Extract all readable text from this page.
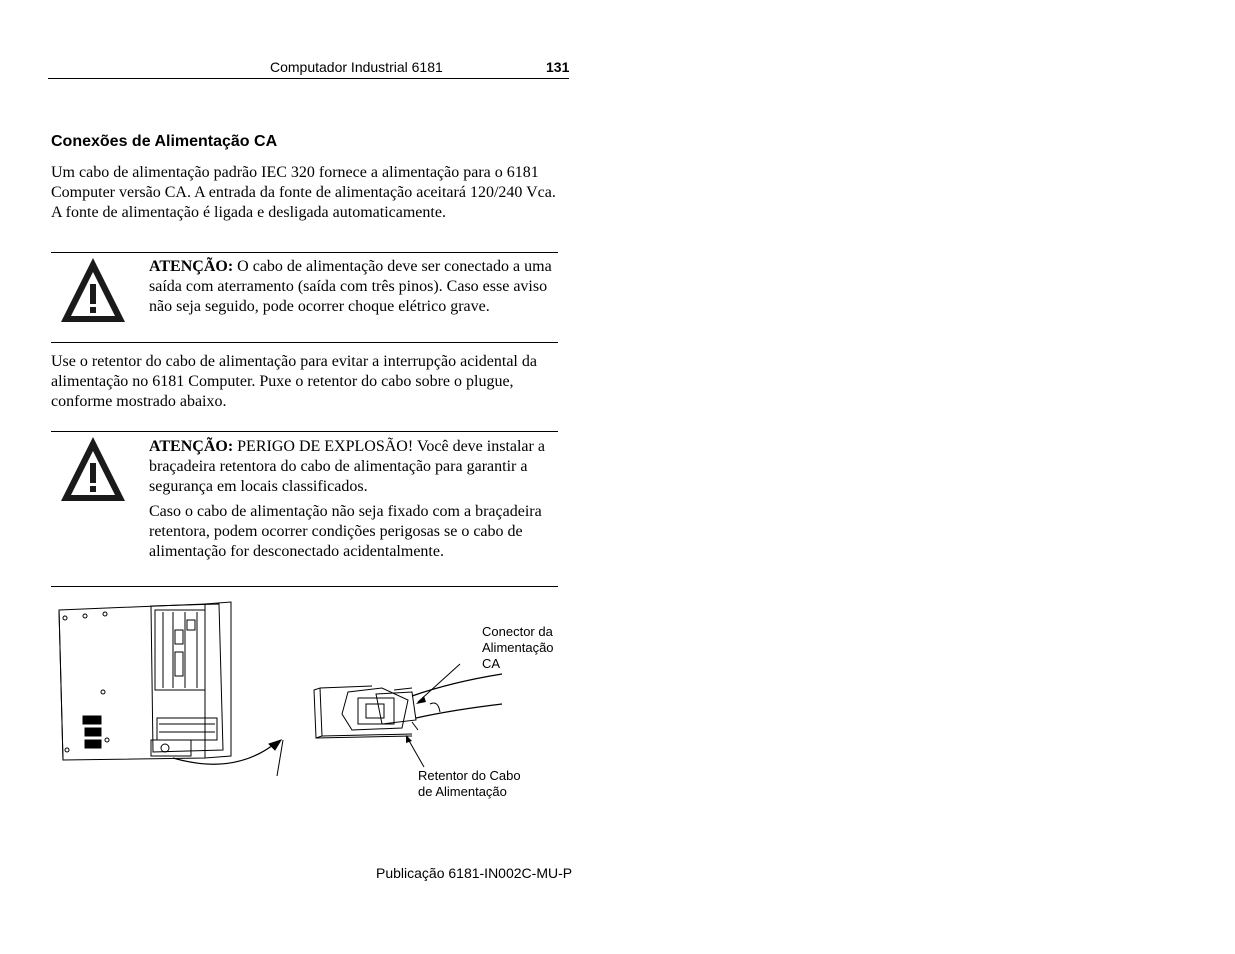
Computador Industrial 6181	131
Conexões de Alimentação CA
Um cabo de alimentação padrão IEC 320 fornece a alimentação para o 6181 Computer versão CA. A entrada da fonte de alimentação aceitará 120/240 Vca. A fonte de alimentação é ligada e desligada automaticamente.

ATENÇÃO: O cabo de alimentação deve ser conectado a uma saída com aterramento (saída com três pinos). Caso esse aviso não seja seguido, pode ocorrer choque elétrico grave.

Use o retentor do cabo de alimentação para evitar a interrupção acidental da alimentação no 6181 Computer. Puxe o retentor do cabo sobre o plugue, conforme mostrado abaixo.

ATENÇÃO: PERIGO DE EXPLOSÃO! Você deve instalar a braçadeira retentora do cabo de alimentação para garantir a segurança em locais classificados.

Caso o cabo de alimentação não seja fixado com a braçadeira retentora, podem ocorrer condições perigosas se o cabo de alimentação for desconectado acidentalmente.

Conector da
Alimentação
CA
Retentor do Cabo
de Alimentação
Publicação 6181-IN002C-MU-P
